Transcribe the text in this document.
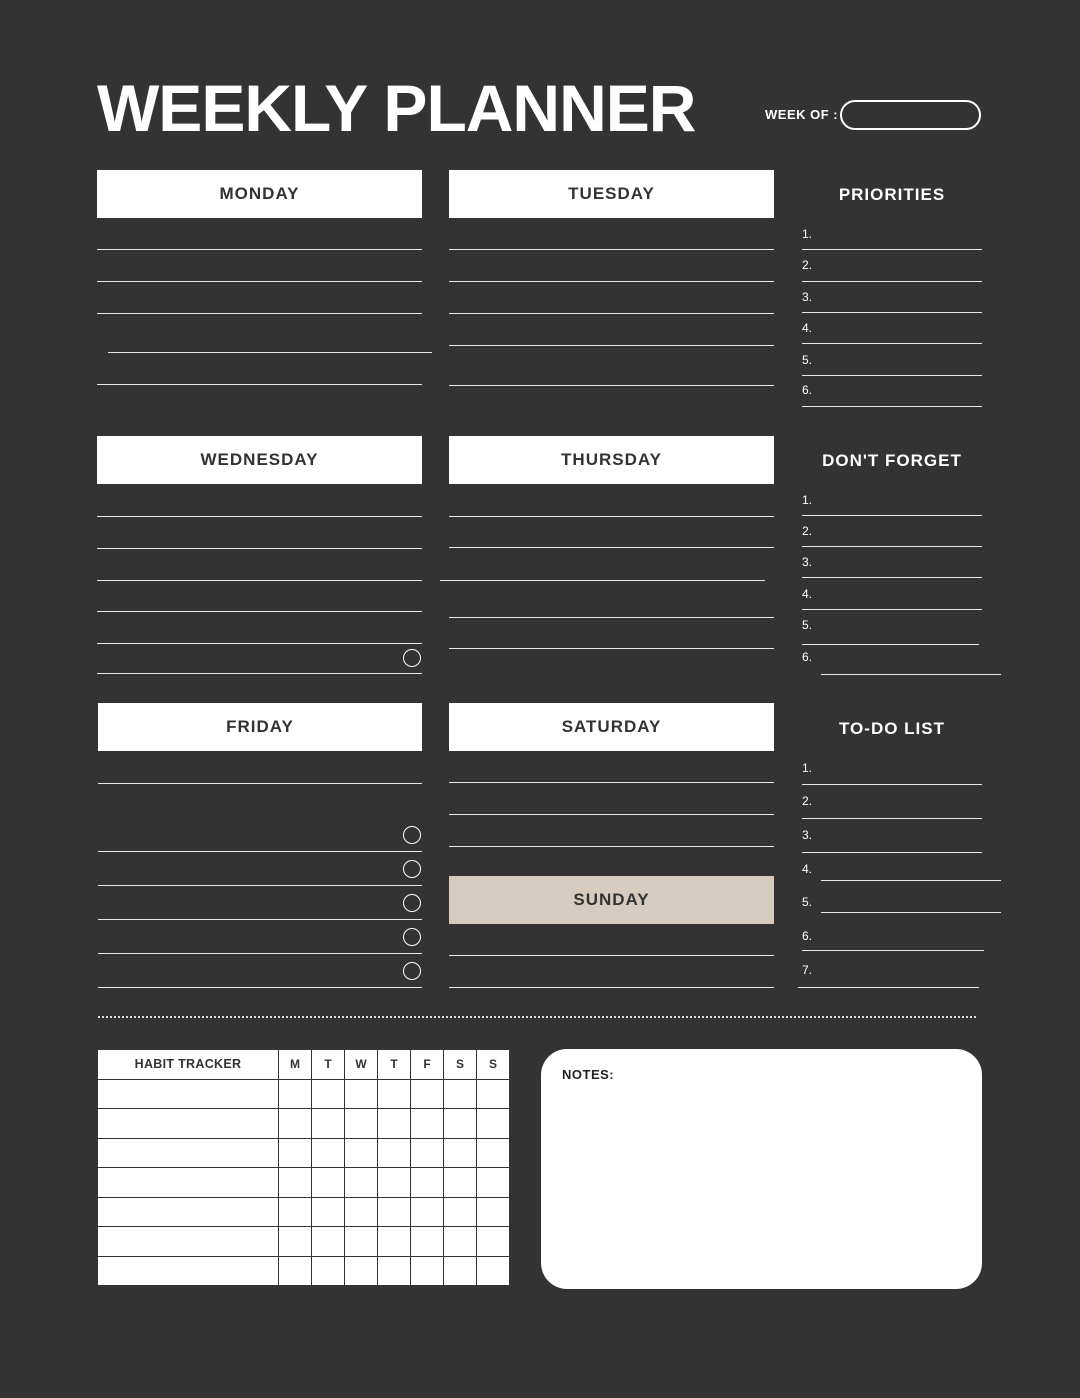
WEEKLY PLANNER	WEEK OF :
MONDAY	TUESDAY
WEDNESDAY	THURSDAY
FRIDAY	SATURDAY
SUNDAY
PRIORITIES
1.
2.
3.
4.
5.
6.
DON'T FORGET
1.
2.
3.
4.
5.
6.
TO-DO LIST
1.
2.
3.
4.
5.
6.
7.
HABIT TRACKER	M	T	W	T	F	S	S

NOTES:
